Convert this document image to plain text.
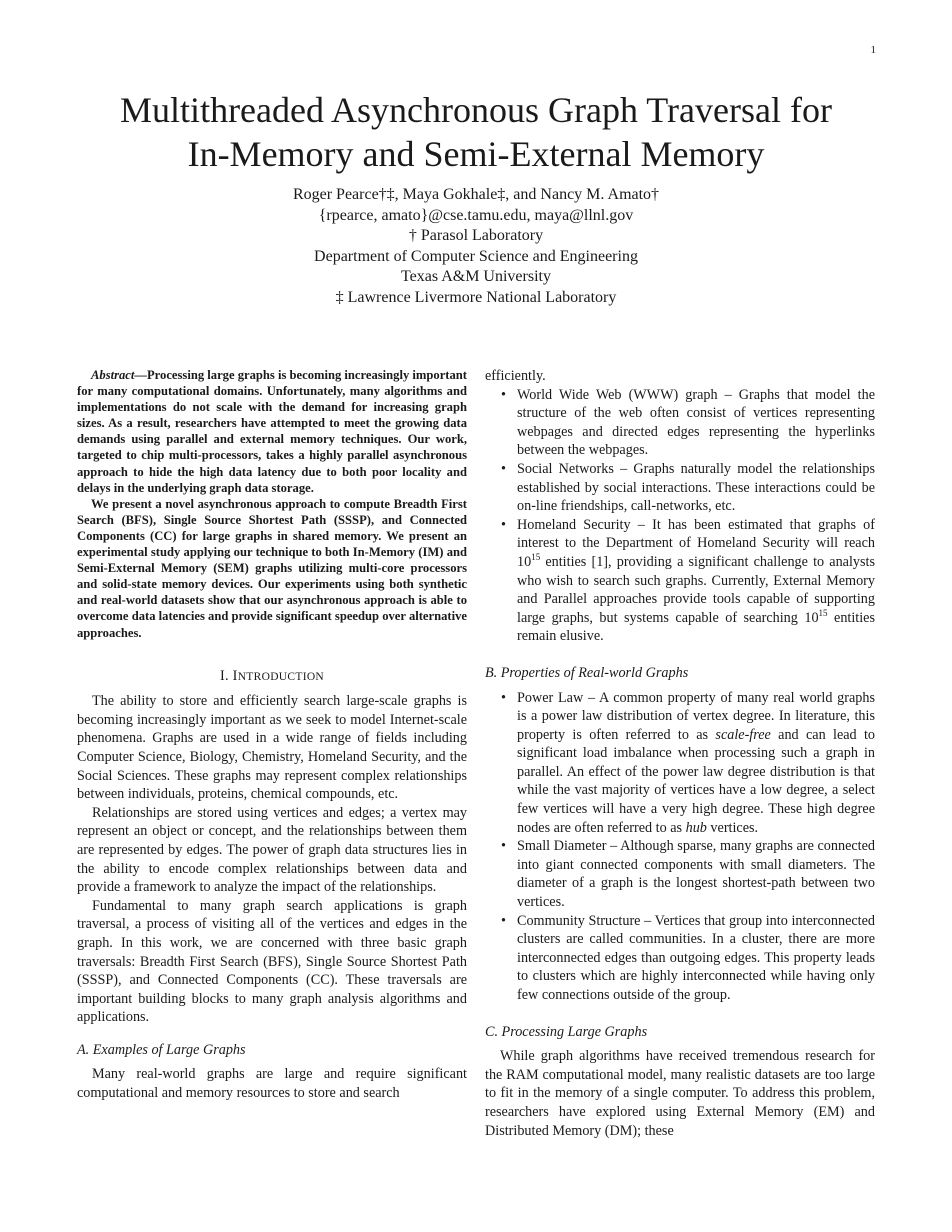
1
Multithreaded Asynchronous Graph Traversal for
In-Memory and Semi-External Memory
Roger Pearce†‡, Maya Gokhale‡, and Nancy M. Amato†
{rpearce, amato}@cse.tamu.edu, maya@llnl.gov
† Parasol Laboratory
Department of Computer Science and Engineering
Texas A&M University
‡ Lawrence Livermore National Laboratory

Abstract—Processing large graphs is becoming increasingly important for many computational domains. Unfortunately, many algorithms and implementations do not scale with the demand for increasing graph sizes. As a result, researchers have attempted to meet the growing data demands using parallel and external memory techniques. Our work, targeted to chip multi-processors, takes a highly parallel asynchronous approach to hide the high data latency due to both poor locality and delays in the underlying graph data storage.

We present a novel asynchronous approach to compute Breadth First Search (BFS), Single Source Shortest Path (SSSP), and Connected Components (CC) for large graphs in shared memory. We present an experimental study applying our technique to both In-Memory (IM) and Semi-External Memory (SEM) graphs utilizing multi-core processors and solid-state memory devices. Our experiments using both synthetic and real-world datasets show that our asynchronous approach is able to overcome data latencies and provide significant speedup over alternative approaches.

I. INTRODUCTION

The ability to store and efficiently search large-scale graphs is becoming increasingly important as we seek to model Internet-scale phenomena. Graphs are used in a wide range of fields including Computer Science, Biology, Chemistry, Homeland Security, and the Social Sciences. These graphs may represent complex relationships between individuals, proteins, chemical compounds, etc.

Relationships are stored using vertices and edges; a vertex may represent an object or concept, and the relationships between them are represented by edges. The power of graph data structures lies in the ability to encode complex relationships between data and provide a framework to analyze the impact of the relationships.

Fundamental to many graph search applications is graph traversal, a process of visiting all of the vertices and edges in the graph. In this work, we are concerned with three basic graph traversals: Breadth First Search (BFS), Single Source Shortest Path (SSSP), and Connected Components (CC). These traversals are important building blocks to many graph analysis algorithms and applications.

A. Examples of Large Graphs

Many real-world graphs are large and require significant computational and memory resources to store and search

efficiently.

• World Wide Web (WWW) graph – Graphs that model the structure of the web often consist of vertices representing webpages and directed edges representing the hyperlinks between the webpages.
• Social Networks – Graphs naturally model the relationships established by social interactions. These interactions could be on-line friendships, call-networks, etc.
• Homeland Security – It has been estimated that graphs of interest to the Department of Homeland Security will reach $10^{15}$ entities [1], providing a significant challenge to analysts who wish to search such graphs. Currently, External Memory and Parallel approaches provide tools capable of supporting large graphs, but systems capable of searching $10^{15}$ entities remain elusive.
B. Properties of Real-world Graphs
• Power Law – A common property of many real world graphs is a power law distribution of vertex degree. In literature, this property is often referred to as scale-free and can lead to significant load imbalance when processing such a graph in parallel. An effect of the power law degree distribution is that while the vast majority of vertices have a low degree, a select few vertices will have a very high degree. These high degree nodes are often referred to as hub vertices.
• Small Diameter – Although sparse, many graphs are connected into giant connected components with small diameters. The diameter of a graph is the longest shortest-path between two vertices.
• Community Structure – Vertices that group into interconnected clusters are called communities. In a cluster, there are more interconnected edges than outgoing edges. This property leads to clusters which are highly interconnected while having only few connections outside of the group.
C. Processing Large Graphs

While graph algorithms have received tremendous research for the RAM computational model, many realistic datasets are too large to fit in the memory of a single computer. To address this problem, researchers have explored using External Memory (EM) and Distributed Memory (DM); these
